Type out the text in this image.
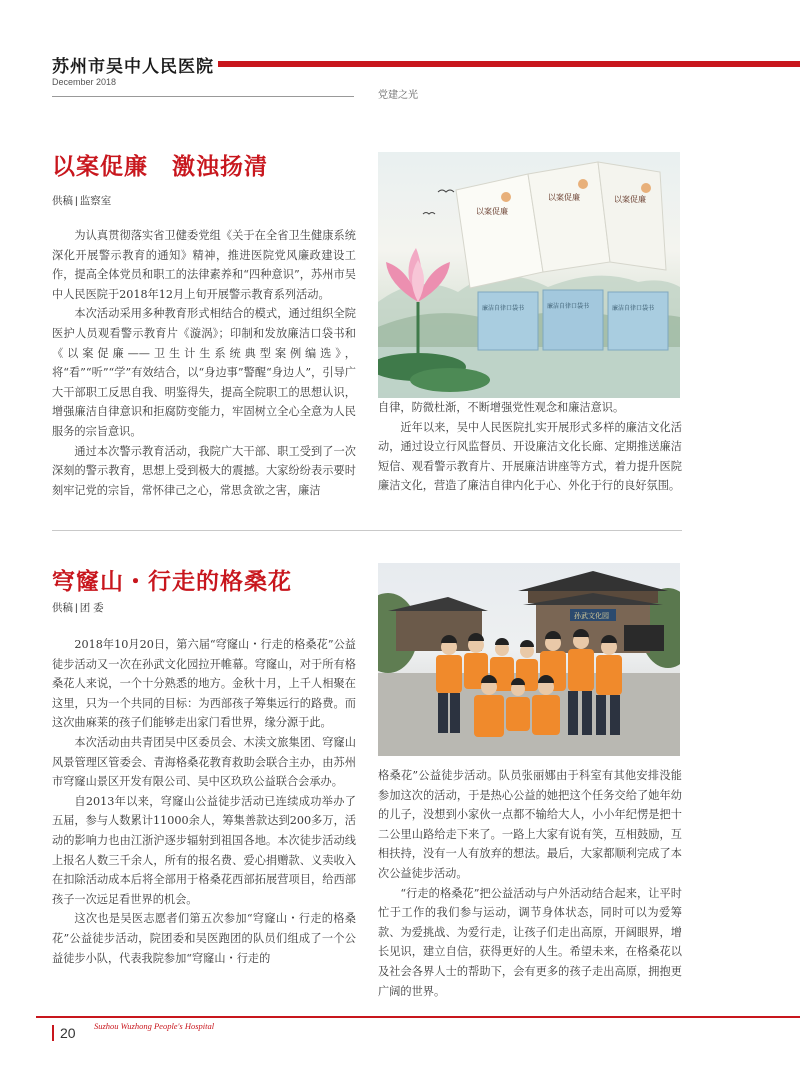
苏州市吴中人民医院
December 2018
党建之光
以案促廉　激浊扬清
供稿 | 监察室

为认真贯彻落实省卫健委党组《关于在全省卫生健康系统深化开展警示教育的通知》精神，推进医院党风廉政建设工作，提高全体党员和职工的法律素养和“四种意识”，苏州市吴中人民医院于2018年12月上旬开展警示教育系列活动。

本次活动采用多种教育形式相结合的模式，通过组织全院医护人员观看警示教育片《漩涡》；印制和发放廉洁口袋书和《以案促廉——卫生计生系统典型案例编选》，将“看”“听”“学”有效结合，以“身边事”警醒“身边人”，引导广大干部职工反思自我、明鉴得失，提高全院职工的思想认识，增强廉洁自律意识和拒腐防变能力，牢固树立全心全意为人民服务的宗旨意识。

通过本次警示教育活动，我院广大干部、职工受到了一次深刻的警示教育，思想上受到极大的震撼。大家纷纷表示要时刻牢记党的宗旨，常怀律己之心，常思贪欲之害，廉洁

以案促廉
以案促廉	以案促廉
廉洁自律口袋书	廉洁自律口袋书	廉洁自律口袋书

自律，防微杜渐，不断增强党性观念和廉洁意识。

近年以来，吴中人民医院扎实开展形式多样的廉洁文化活动，通过设立行风监督员、开设廉洁文化长廊、定期推送廉洁短信、观看警示教育片、开展廉洁讲座等方式，着力提升医院廉洁文化，营造了廉洁自律内化于心、外化于行的良好氛围。

穹窿山・行走的格桑花
供稿 | 团 委

2018年10月20日，第六届“穹窿山・行走的格桑花”公益徒步活动又一次在孙武文化园拉开帷幕。穹窿山，对于所有格桑花人来说，一个十分熟悉的地方。金秋十月，上千人相聚在这里，只为一个共同的目标：为西部孩子筹集远行的路费。而这次曲麻莱的孩子们能够走出家门看世界，缘分源于此。

本次活动由共青团吴中区委员会、木渎文旅集团、穹窿山风景管理区管委会、青海格桑花教育救助会联合主办，由苏州市穹窿山景区开发有限公司、吴中区玖玖公益联合会承办。

自2013年以来，穹窿山公益徒步活动已连续成功举办了五届，参与人数累计11000余人，筹集善款达到200多万，活动的影响力也由江浙沪逐步辐射到祖国各地。本次徒步活动线上报名人数三千余人，所有的报名费、爱心捐赠款、义卖收入在扣除活动成本后将全部用于格桑花西部拓展营项目，给西部孩子一次远足看世界的机会。

这次也是吴医志愿者们第五次参加“穹窿山・行走的格桑花”公益徒步活动，院团委和吴医跑团的队员们组成了一个公益徒步小队，代表我院参加“穹窿山・行走的

孙武文化园

格桑花”公益徒步活动。队员张丽娜由于科室有其他安排没能参加这次的活动，于是热心公益的她把这个任务交给了她年幼的儿子，没想到小家伙一点都不输给大人，小小年纪愣是把十二公里山路给走下来了。一路上大家有说有笑，互相鼓励，互相扶持，没有一人有放弃的想法。最后，大家都顺利完成了本次公益徒步活动。

“行走的格桑花”把公益活动与户外活动结合起来，让平时忙于工作的我们参与运动，调节身体状态，同时可以为爱筹款、为爱挑战、为爱行走，让孩子们走出高原，开阔眼界，增长见识，建立自信，获得更好的人生。希望未来，在格桑花以及社会各界人士的帮助下，会有更多的孩子走出高原，拥抱更广阔的世界。

20 Suzhou Wuzhong People's Hospital
